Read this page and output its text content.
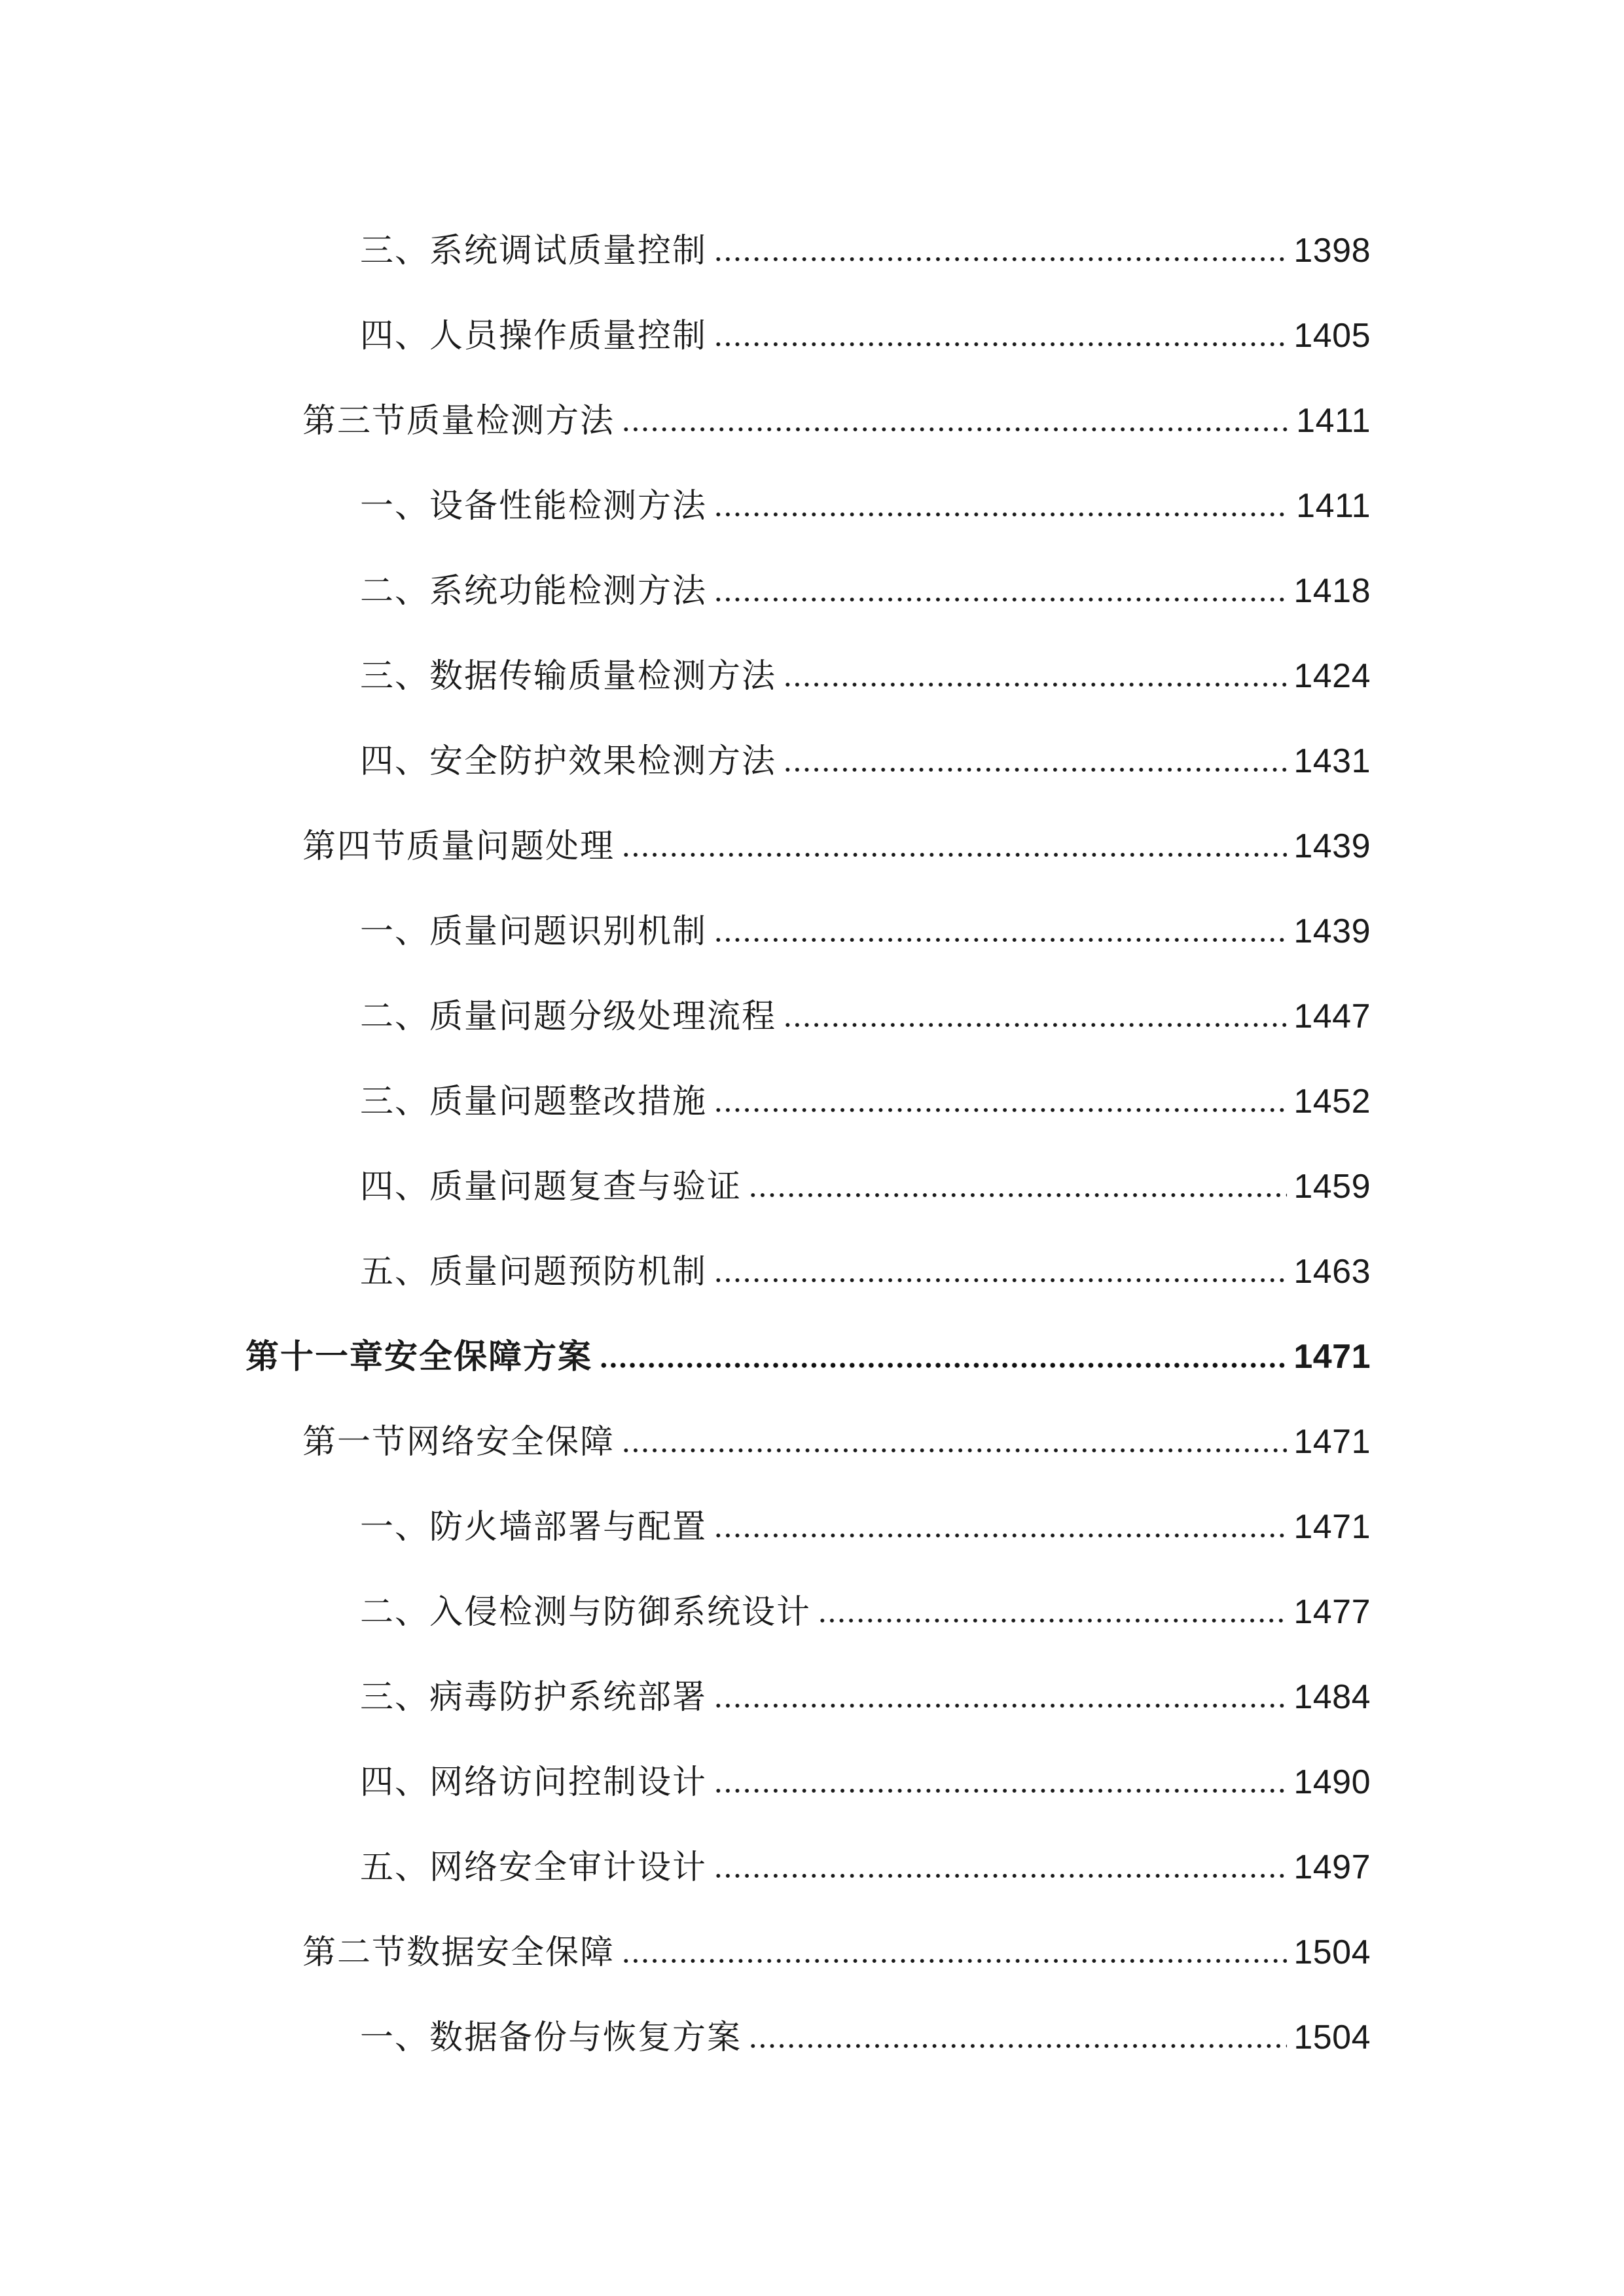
三、系统调试质量控制	1398
四、人员操作质量控制	1405
第三节质量检测方法	1411
一、设备性能检测方法	1411
二、系统功能检测方法	1418
三、数据传输质量检测方法	1424
四、安全防护效果检测方法	1431
第四节质量问题处理	1439
一、质量问题识别机制	1439
二、质量问题分级处理流程	1447
三、质量问题整改措施	1452
四、质量问题复查与验证	1459
五、质量问题预防机制	1463
第十一章安全保障方案	1471
第一节网络安全保障	1471
一、防火墙部署与配置	1471
二、入侵检测与防御系统设计	1477
三、病毒防护系统部署	1484
四、网络访问控制设计	1490
五、网络安全审计设计	1497
第二节数据安全保障	1504
一、数据备份与恢复方案	1504
